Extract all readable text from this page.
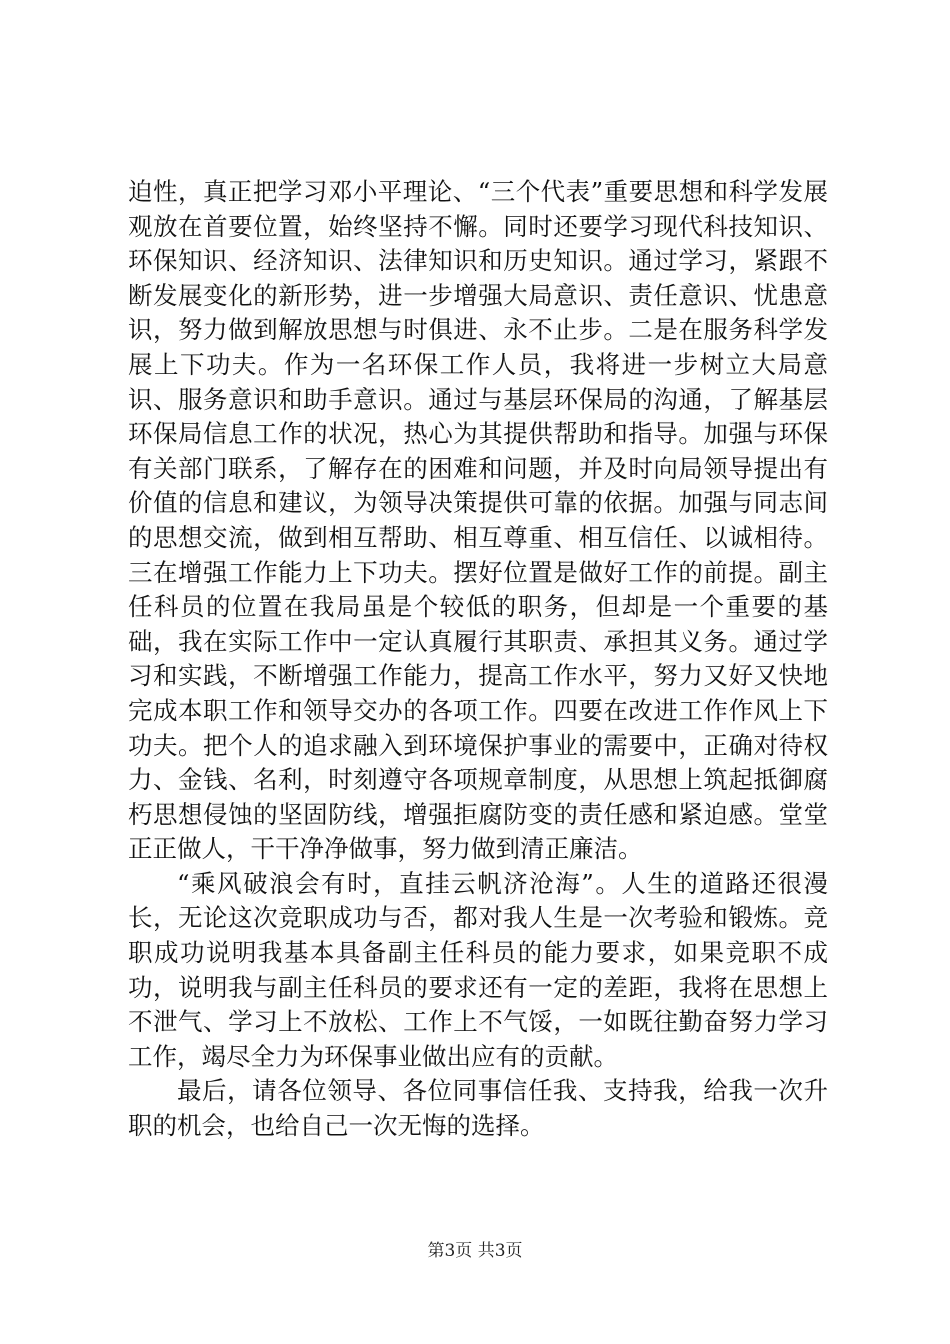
迫性，真正把学习邓小平理论、“三个代表”重要思想和科学发展观放在首要位置，始终坚持不懈。同时还要学习现代科技知识、环保知识、经济知识、法律知识和历史知识。通过学习，紧跟不断发展变化的新形势，进一步增强大局意识、责任意识、忧患意识，努力做到解放思想与时俱进、永不止步。二是在服务科学发展上下功夫。作为一名环保工作人员，我将进一步树立大局意识、服务意识和助手意识。通过与基层环保局的沟通，了解基层环保局信息工作的状况，热心为其提供帮助和指导。加强与环保有关部门联系，了解存在的困难和问题，并及时向局领导提出有价值的信息和建议，为领导决策提供可靠的依据。加强与同志间的思想交流，做到相互帮助、相互尊重、相互信任、以诚相待。三在增强工作能力上下功夫。摆好位置是做好工作的前提。副主任科员的位置在我局虽是个较低的职务，但却是一个重要的基础，我在实际工作中一定认真履行其职责、承担其义务。通过学习和实践，不断增强工作能力，提高工作水平，努力又好又快地完成本职工作和领导交办的各项工作。四要在改进工作作风上下功夫。把个人的追求融入到环境保护事业的需要中，正确对待权力、金钱、名利，时刻遵守各项规章制度，从思想上筑起抵御腐朽思想侵蚀的坚固防线，增强拒腐防变的责任感和紧迫感。堂堂正正做人，干干净净做事，努力做到清正廉洁。

“乘风破浪会有时，直挂云帆济沧海”。人生的道路还很漫长，无论这次竞职成功与否，都对我人生是一次考验和锻炼。竞职成功说明我基本具备副主任科员的能力要求，如果竞职不成功，说明我与副主任科员的要求还有一定的差距，我将在思想上不泄气、学习上不放松、工作上不气馁，一如既往勤奋努力学习工作，竭尽全力为环保事业做出应有的贡献。

最后，请各位领导、各位同事信任我、支持我，给我一次升职的机会，也给自己一次无悔的选择。

第3页 共3页
